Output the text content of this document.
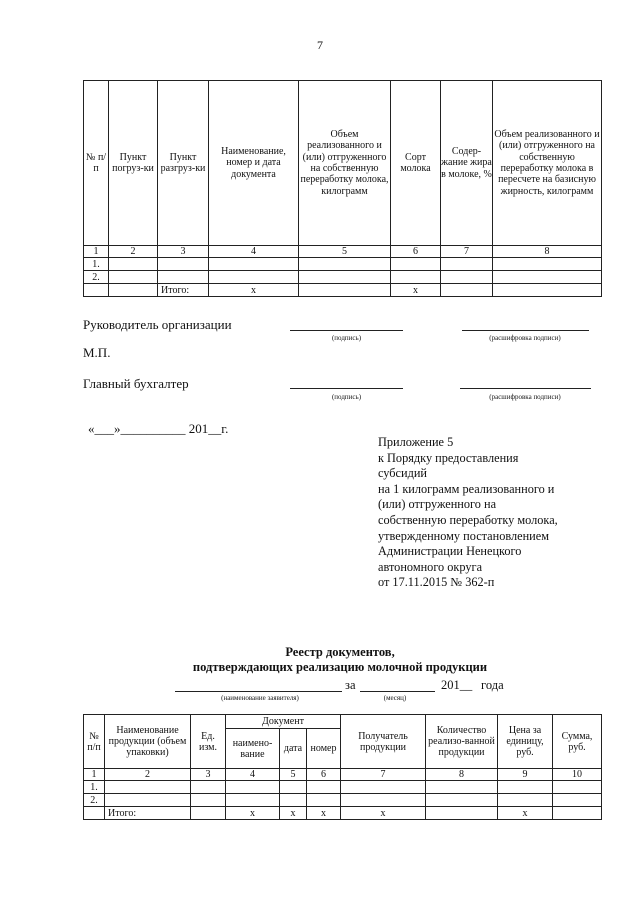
7
№ п/п	Пункт погруз-ки	Пункт разгруз-ки	Наименование, номер и дата документа	Объем реализованного и (или) отгруженного на собственную переработку молока, килограмм	Сорт молока	Содер-жание жира в молоке, %	Объем реализованного и (или) отгруженного на собственную переработку молока в пересчете на базисную жирность, килограмм
1	2	3	4	5	6	7	8
1.							
2.							
		Итого:	х		х		
Руководитель организации
(подпись)	(расшифровка подписи)
М.П.
Главный бухгалтер
(подпись)	(расшифровка подписи)
«___»__________ 201__г.
Приложение 5
к Порядку предоставления
субсидий
на 1 килограмм реализованного и
(или) отгруженного на
собственную переработку молока,
утвержденному постановлением
Администрации Ненецкого
автономного округа
от 17.11.2015 № 362-п
Реестр документов,
подтверждающих реализацию молочной продукции
за	201__ года
(наименование заявителя)	(месяц)
№ п/п	Наименование продукции (объем упаковки)	Ед. изм.	Документ			Получатель продукции	Количество реализо-ванной продукции	Цена за единицу, руб.	Сумма, руб.
			наимено-вание	дата	номер				
1	2	3	4	5	6	7	8	9	10
1.									
2.									
	Итого:		х	х	х	х		х	
